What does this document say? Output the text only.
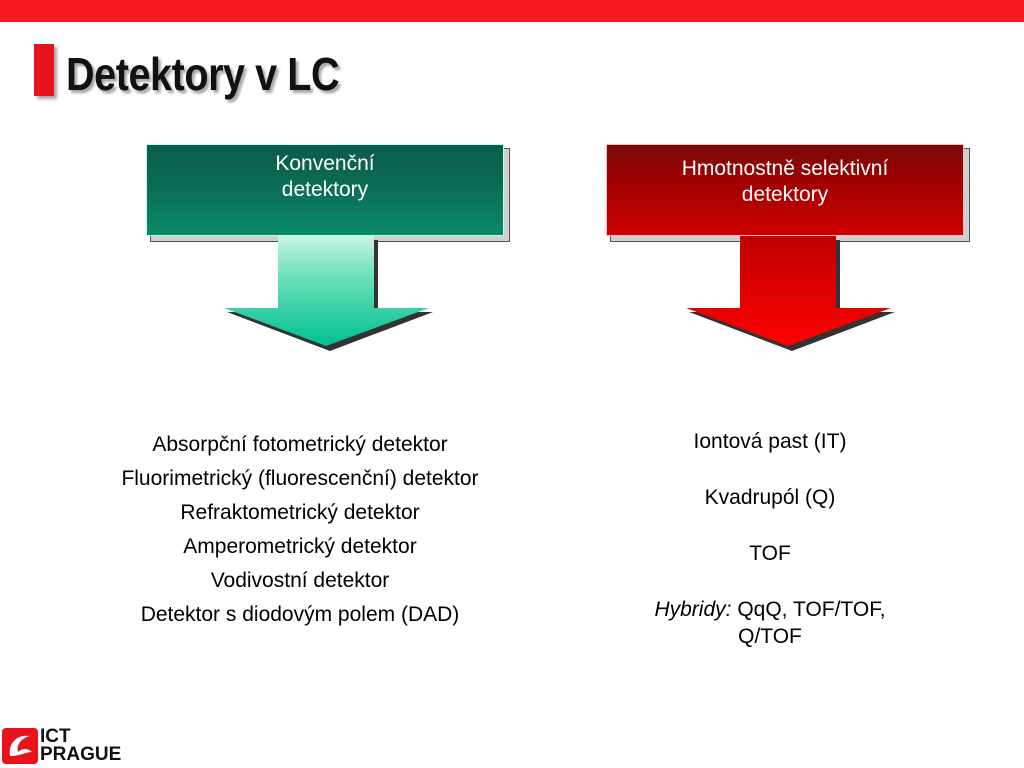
Detektory v LC
Konvenční
detektory
Hmotnostně selektivní
detektory
Absorpční fotometrický detektor
Fluorimetrický (fluorescenční) detektor
Refraktometrický detektor
Amperometrický detektor
Vodivostní detektor
Detektor s diodovým polem (DAD)
Iontová past (IT)
Kvadrupól (Q)
TOF
Hybridy: QqQ, TOF/TOF,
Q/TOF
ICT
PRAGUE
